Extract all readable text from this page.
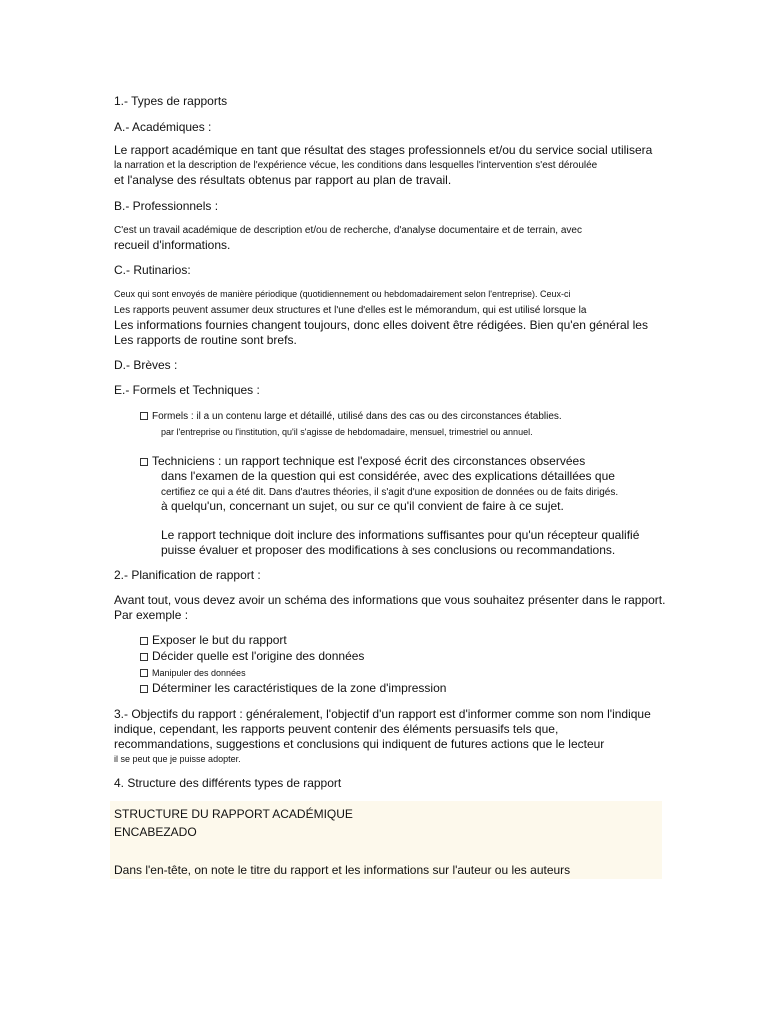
1.- Types de rapports
A.- Académiques :
Le rapport académique en tant que résultat des stages professionnels et/ou du service social utilisera
la narration et la description de l'expérience vécue, les conditions dans lesquelles l'intervention s'est déroulée
et l'analyse des résultats obtenus par rapport au plan de travail.
B.- Professionnels :
C'est un travail académique de description et/ou de recherche, d'analyse documentaire et de terrain, avec
recueil d'informations.
C.- Rutinarios:
Ceux qui sont envoyés de manière périodique (quotidiennement ou hebdomadairement selon l'entreprise). Ceux-ci
Les rapports peuvent assumer deux structures et l'une d'elles est le mémorandum, qui est utilisé lorsque la
Les informations fournies changent toujours, donc elles doivent être rédigées. Bien qu'en général les
Les rapports de routine sont brefs.
D.- Brèves :
E.- Formels et Techniques :
Formels : il a un contenu large et détaillé, utilisé dans des cas ou des circonstances établies.
par l'entreprise ou l'institution, qu'il s'agisse de hebdomadaire, mensuel, trimestriel ou annuel.
Techniciens : un rapport technique est l'exposé écrit des circonstances observées
dans l'examen de la question qui est considérée, avec des explications détaillées que
certifiez ce qui a été dit. Dans d'autres théories, il s'agit d'une exposition de données ou de faits dirigés.
à quelqu'un, concernant un sujet, ou sur ce qu'il convient de faire à ce sujet.
Le rapport technique doit inclure des informations suffisantes pour qu'un récepteur qualifié
puisse évaluer et proposer des modifications à ses conclusions ou recommandations.
2.- Planification de rapport :
Avant tout, vous devez avoir un schéma des informations que vous souhaitez présenter dans le rapport.
Par exemple :
Exposer le but du rapport
Décider quelle est l'origine des données
Manipuler des données
Déterminer les caractéristiques de la zone d'impression
3.- Objectifs du rapport : généralement, l'objectif d'un rapport est d'informer comme son nom l'indique
indique, cependant, les rapports peuvent contenir des éléments persuasifs tels que,
recommandations, suggestions et conclusions qui indiquent de futures actions que le lecteur
il se peut que je puisse adopter.
4. Structure des différents types de rapport
STRUCTURE DU RAPPORT ACADÉMIQUE
ENCABEZADO
Dans l'en-tête, on note le titre du rapport et les informations sur l'auteur ou les auteurs
